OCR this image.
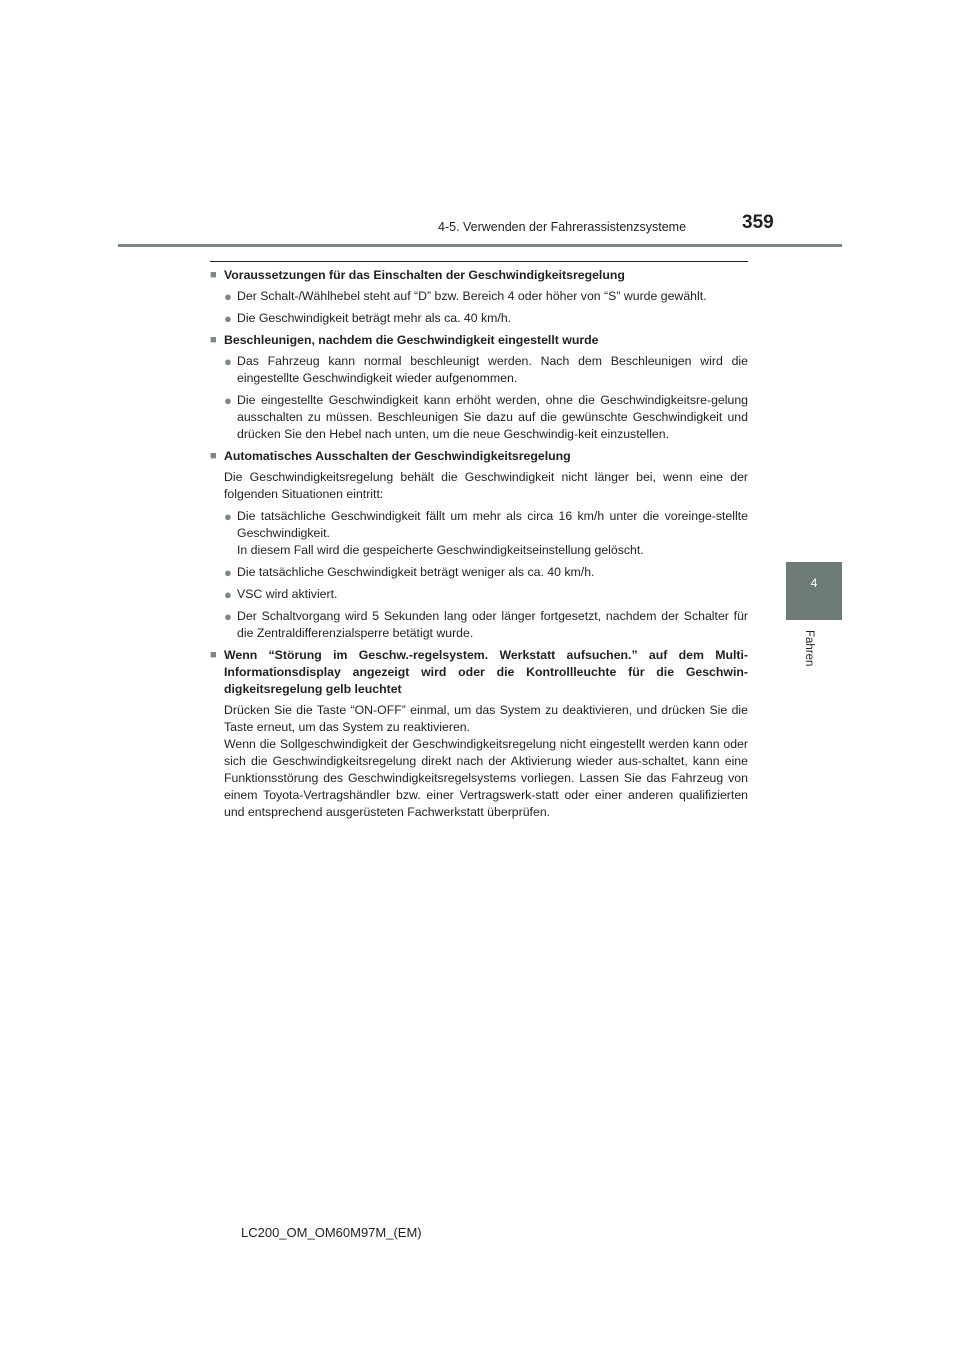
4-5. Verwenden der Fahrerassistenzsysteme	359
4
Fahren
■ Voraussetzungen für das Einschalten der Geschwindigkeitsregelung
● Der Schalt-/Wählhebel steht auf “D” bzw. Bereich 4 oder höher von “S” wurde gewählt.
● Die Geschwindigkeit beträgt mehr als ca. 40 km/h.
■ Beschleunigen, nachdem die Geschwindigkeit eingestellt wurde
● Das Fahrzeug kann normal beschleunigt werden. Nach dem Beschleunigen wird die eingestellte Geschwindigkeit wieder aufgenommen.
● Die eingestellte Geschwindigkeit kann erhöht werden, ohne die Geschwindigkeitsre-gelung ausschalten zu müssen. Beschleunigen Sie dazu auf die gewünschte Geschwindigkeit und drücken Sie den Hebel nach unten, um die neue Geschwindig-keit einzustellen.
■ Automatisches Ausschalten der Geschwindigkeitsregelung
Die Geschwindigkeitsregelung behält die Geschwindigkeit nicht länger bei, wenn eine der folgenden Situationen eintritt:
● Die tatsächliche Geschwindigkeit fällt um mehr als circa 16 km/h unter die voreinge-stellte Geschwindigkeit.
In diesem Fall wird die gespeicherte Geschwindigkeitseinstellung gelöscht.
● Die tatsächliche Geschwindigkeit beträgt weniger als ca. 40 km/h.
● VSC wird aktiviert.
● Der Schaltvorgang wird 5 Sekunden lang oder länger fortgesetzt, nachdem der Schalter für die Zentraldifferenzialsperre betätigt wurde.
■ Wenn “Störung im Geschw.-regelsystem. Werkstatt aufsuchen.” auf dem Multi-Informationsdisplay angezeigt wird oder die Kontrollleuchte für die Geschwin-digkeitsregelung gelb leuchtet
Drücken Sie die Taste “ON-OFF” einmal, um das System zu deaktivieren, und drücken Sie die Taste erneut, um das System zu reaktivieren.
Wenn die Sollgeschwindigkeit der Geschwindigkeitsregelung nicht eingestellt werden kann oder sich die Geschwindigkeitsregelung direkt nach der Aktivierung wieder aus-schaltet, kann eine Funktionsstörung des Geschwindigkeitsregelsystems vorliegen. Lassen Sie das Fahrzeug von einem Toyota-Vertragshändler bzw. einer Vertragswerk-statt oder einer anderen qualifizierten und entsprechend ausgerüsteten Fachwerkstatt überprüfen.
LC200_OM_OM60M97M_(EM)
